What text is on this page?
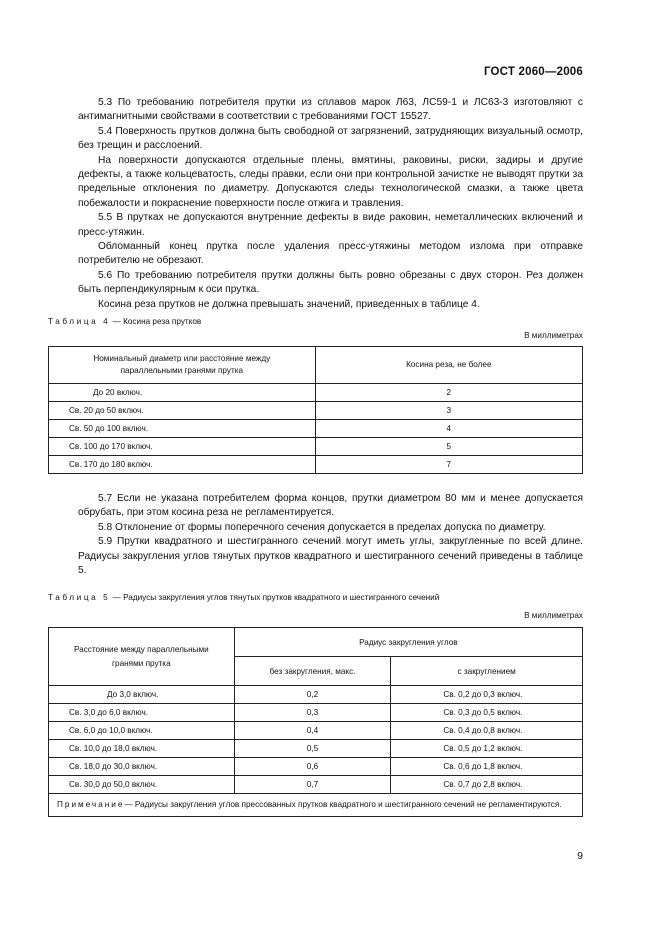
ГОСТ 2060—2006

5.3 По требованию потребителя прутки из сплавов марок Л63, ЛС59-1 и ЛС63-3 изготовляют с антимагнитными свойствами в соответствии с требованиями ГОСТ 15527.

5.4 Поверхность прутков должна быть свободной от загрязнений, затрудняющих визуальный осмотр, без трещин и расслоений.

На поверхности допускаются отдельные плены, вмятины, раковины, риски, задиры и другие дефекты, а также кольцеватость, следы правки, если они при контрольной зачистке не выводят прутки за предельные отклонения по диаметру. Допускаются следы технологической смазки, а также цвета побежалости и покраснение поверхности после отжига и травления.

5.5 В прутках не допускаются внутренние дефекты в виде раковин, неметаллических включений и пресс-утяжин.

Обломанный конец прутка после удаления пресс-утяжины методом излома при отправке потребителю не обрезают.

5.6 По требованию потребителя прутки должны быть ровно обрезаны с двух сторон. Рез должен быть перпендикулярным к оси прутка.

Косина реза прутков не должна превышать значений, приведенных в таблице 4.

Таблица 4 — Косина реза прутков
В миллиметрах
Номинальный диаметр или расстояние между параллельными гранями прутка	Косина реза, не более
До 20 включ.	2
Св. 20 до 50 включ.	3
Св. 50 до 100 включ.	4
Св. 100 до 170 включ.	5
Св. 170 до 180 включ.	7

5.7 Если не указана потребителем форма концов, прутки диаметром 80 мм и менее допускается обрубать, при этом косина реза не регламентируется.

5.8 Отклонение от формы поперечного сечения допускается в пределах допуска по диаметру.

5.9 Прутки квадратного и шестигранного сечений могут иметь углы, закругленные по всей длине. Радиусы закругления углов тянутых прутков квадратного и шестигранного сечений приведены в таблице 5.

Таблица 5 — Радиусы закругления углов тянутых прутков квадратного и шестигранного сечений
В миллиметрах
Расстояние между параллельными гранями прутка	Радиус закругления углов	
	без закругления, макс.	с закруглением
До 3,0 включ.	0,2	Св. 0,2 до 0,3 включ.
Св. 3,0 до 6,0 включ.	0,3	Св. 0,3 до 0,5 включ.
Св. 6,0 до 10,0 включ.	0,4	Св. 0,4 до 0,8 включ.
Св. 10,0 до 18,0 включ.	0,5	Св. 0,5 до 1,2 включ.
Св. 18,0 до 30,0 включ.	0,6	Св. 0,6 до 1,8 включ.
Св. 30,0 до 50,0 включ.	0,7	Св. 0,7 до 2,8 включ.
Примечание— Радиусы закругления углов прессованных прутков квадратного и шестигранного сечений не регламентируются.		
9
